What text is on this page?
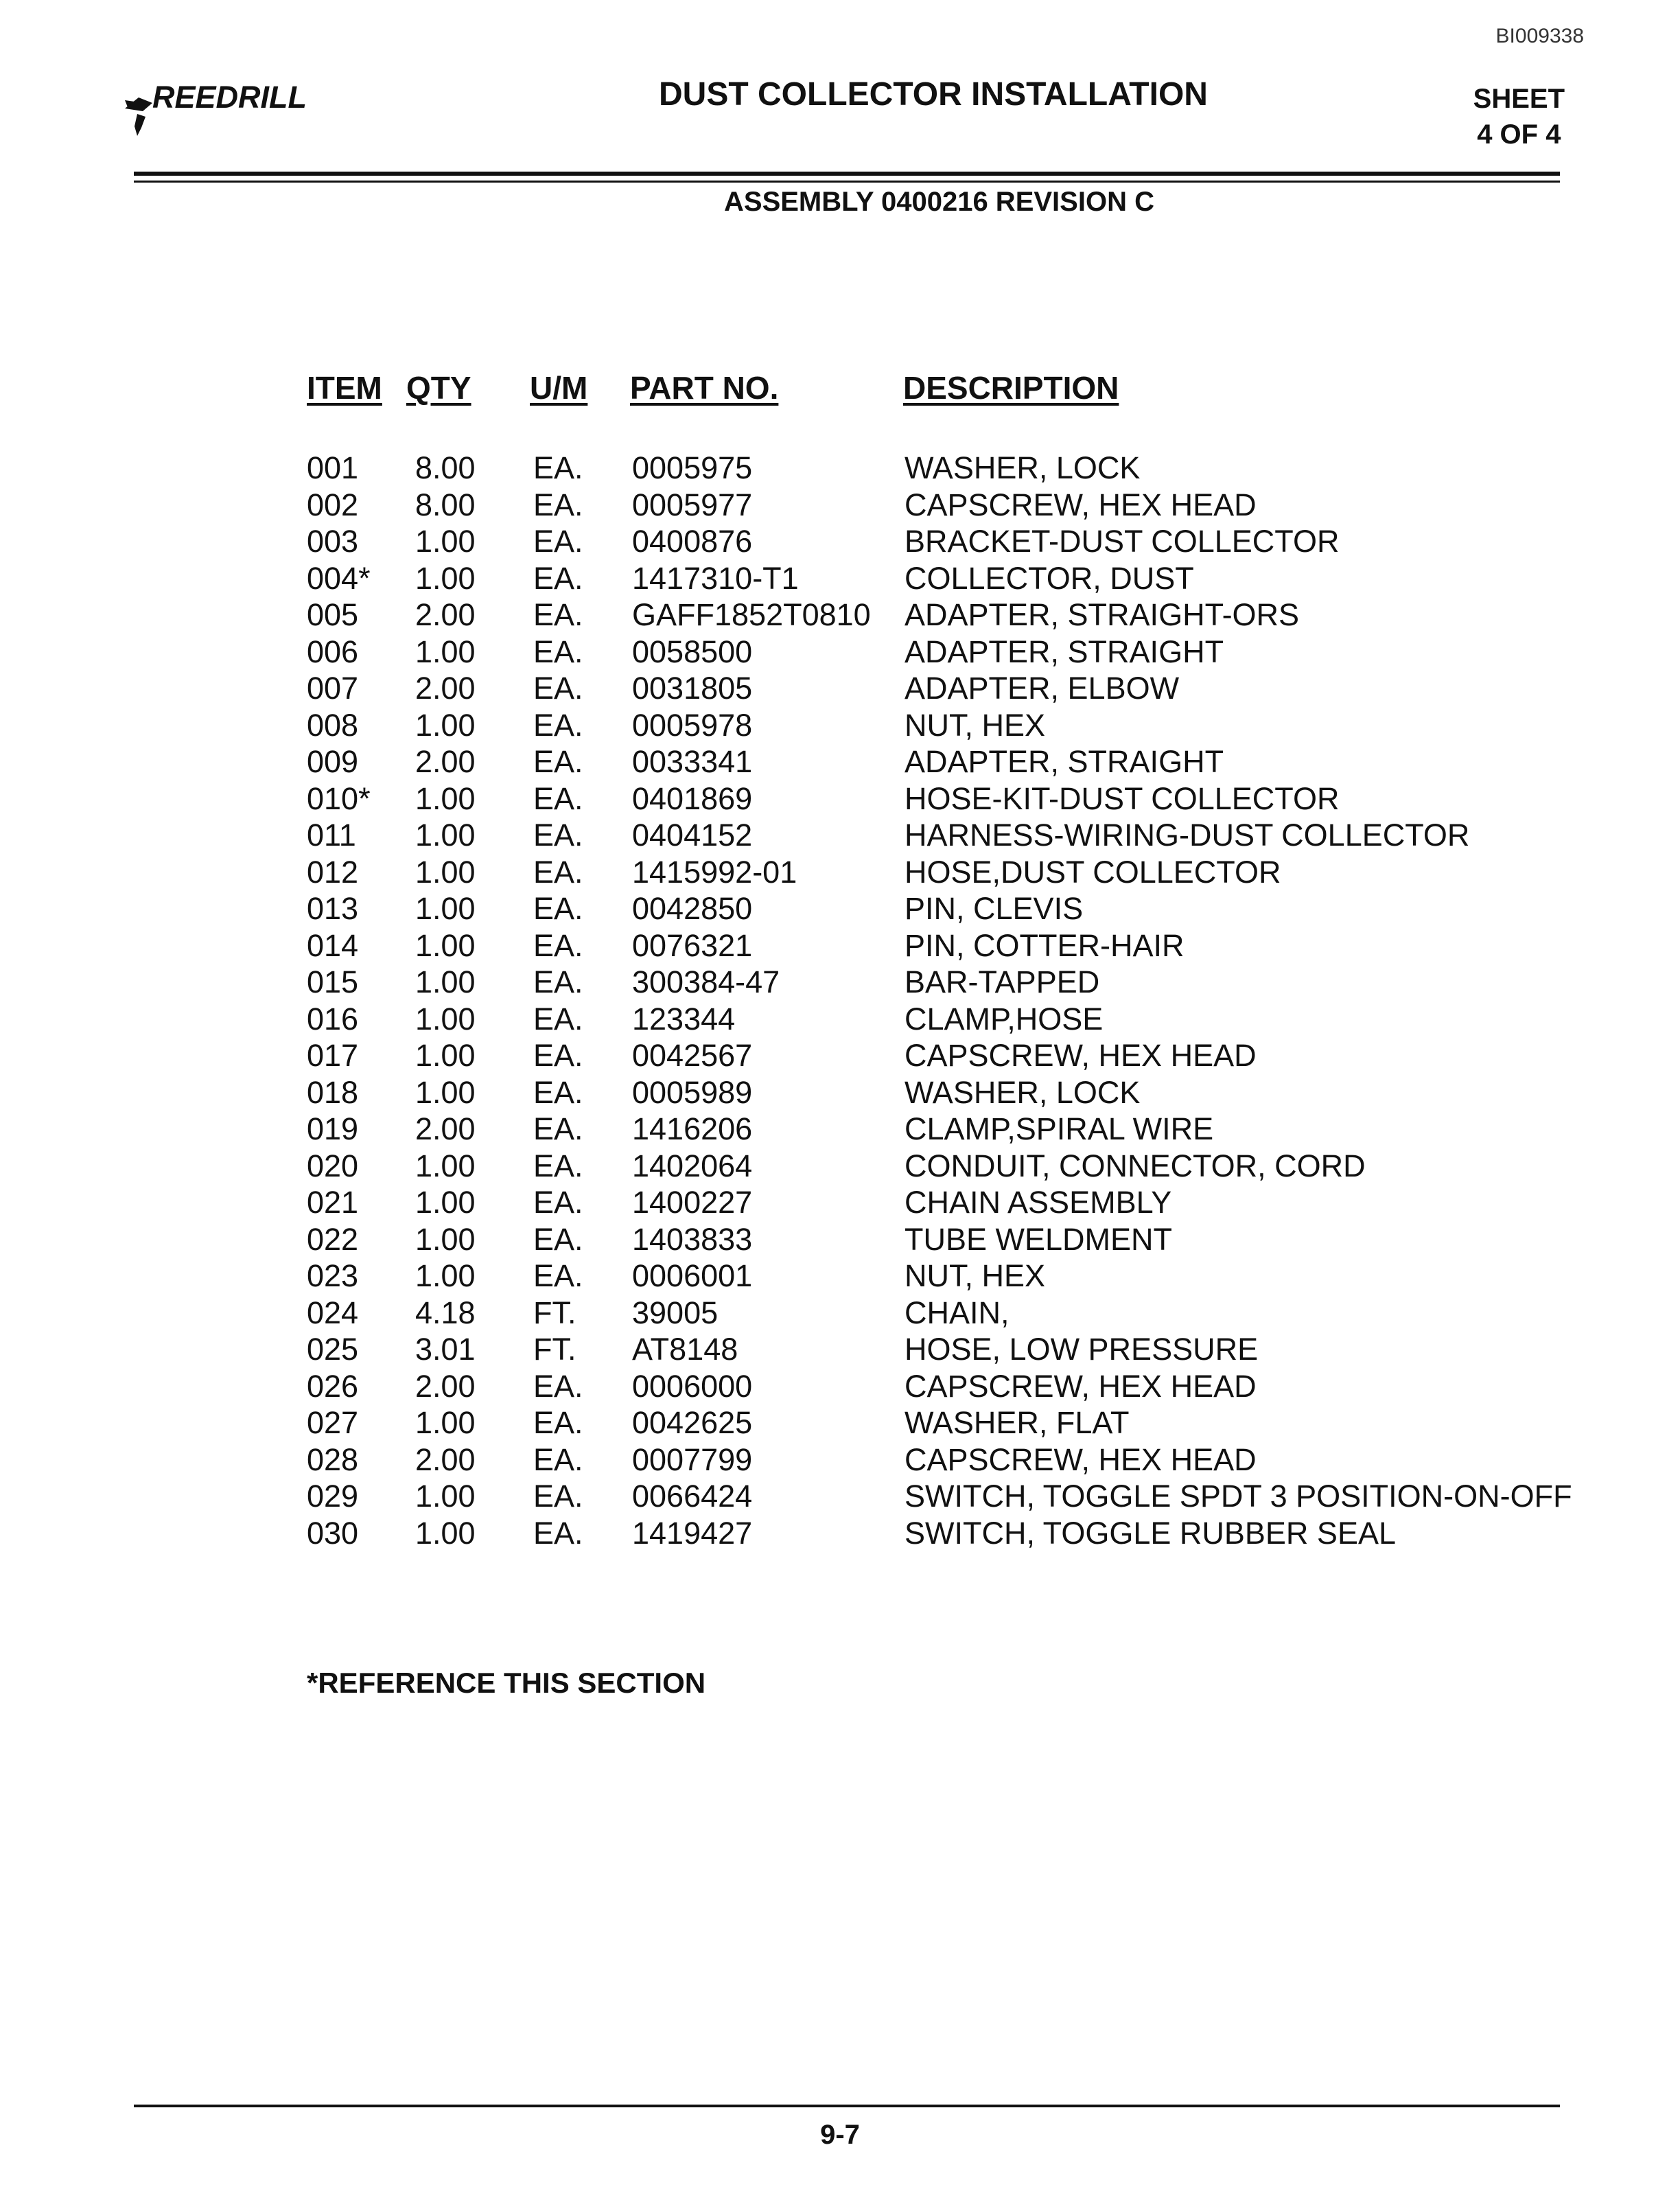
BI009338
REEDRILL	DUST COLLECTOR INSTALLATION	SHEET
4 OF 4
ASSEMBLY 0400216 REVISION C
ITEM QTY U/M PART NO.	DESCRIPTION
001 8.00 EA. 0005975	WASHER, LOCK
002 8.00 EA. 0005977	CAPSCREW, HEX HEAD
003 1.00 EA. 0400876	BRACKET-DUST COLLECTOR
004* 1.00 EA. 1417310-T1	COLLECTOR, DUST
005 2.00 EA. GAFF1852T0810 ADAPTER, STRAIGHT-ORS
006 1.00 EA. 0058500	ADAPTER, STRAIGHT
007 2.00 EA. 0031805	ADAPTER, ELBOW
008 1.00 EA. 0005978	NUT, HEX
009 2.00 EA. 0033341	ADAPTER, STRAIGHT
010* 1.00 EA. 0401869	HOSE-KIT-DUST COLLECTOR
011 1.00 EA. 0404152	HARNESS-WIRING-DUST COLLECTOR
012 1.00 EA. 1415992-01	HOSE,DUST COLLECTOR
013 1.00 EA. 0042850	PIN, CLEVIS
014 1.00 EA. 0076321	PIN, COTTER-HAIR
015 1.00 EA. 300384-47	BAR-TAPPED
016 1.00 EA. 123344	CLAMP,HOSE
017 1.00 EA. 0042567	CAPSCREW, HEX HEAD
018 1.00 EA. 0005989	WASHER, LOCK
019 2.00 EA. 1416206	CLAMP,SPIRAL WIRE
020 1.00 EA. 1402064	CONDUIT, CONNECTOR, CORD
021 1.00 EA. 1400227	CHAIN ASSEMBLY
022 1.00 EA. 1403833	TUBE WELDMENT
023 1.00 EA. 0006001	NUT, HEX
024 4.18 FT. 39005	CHAIN,
025 3.01 FT. AT8148	HOSE, LOW PRESSURE
026 2.00 EA. 0006000	CAPSCREW, HEX HEAD
027 1.00 EA. 0042625	WASHER, FLAT
028 2.00 EA. 0007799	CAPSCREW, HEX HEAD
029 1.00 EA. 0066424	SWITCH, TOGGLE SPDT 3 POSITION-ON-OFF
030 1.00 EA. 1419427	SWITCH, TOGGLE RUBBER SEAL
*REFERENCE THIS SECTION
9-7
